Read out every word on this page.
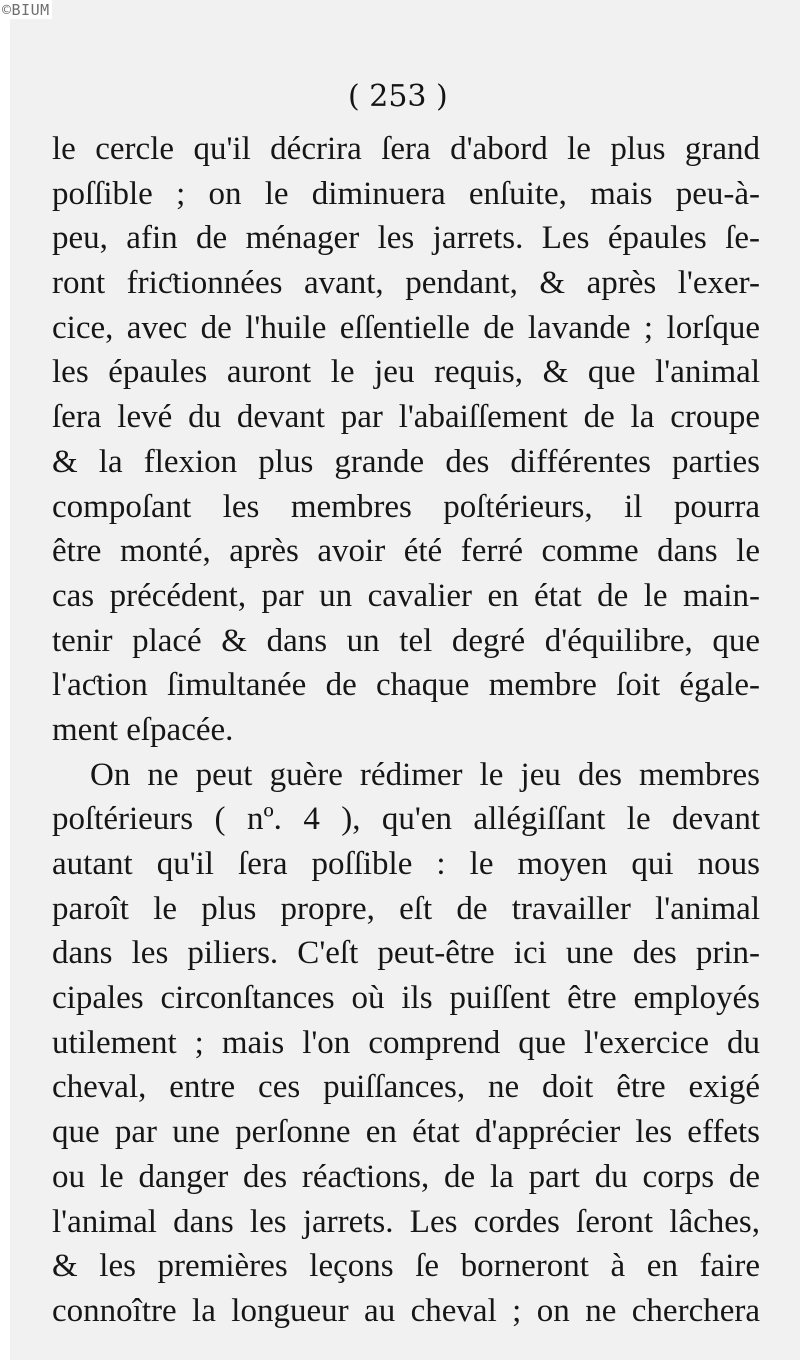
( 253 )
le cercle qu'il décrira ſera d'abord le plus grand
poſſible ; on le diminuera enſuite, mais peu-à-
peu, afin de ménager les jarrets. Les épaules ſe-
ront friƈtionnées avant, pendant, & après l'exer-
cice, avec de l'huile eſſentielle de lavande ; lorſque
les épaules auront le jeu requis, & que l'animal
ſera levé du devant par l'abaiſſement de la croupe
& la flexion plus grande des différentes parties
compoſant les membres poſtérieurs, il pourra
être monté, après avoir été ferré comme dans le
cas précédent, par un cavalier en état de le main-
tenir placé & dans un tel degré d'équilibre, que
l'aƈtion ſimultanée de chaque membre ſoit égale-
ment eſpacée.
On ne peut guère rédimer le jeu des membres
poſtérieurs ( nº. 4 ), qu'en allégiſſant le devant
autant qu'il ſera poſſible : le moyen qui nous
paroît le plus propre, eſt de travailler l'animal
dans les piliers. C'eſt peut-être ici une des prin-
cipales circonſtances où ils puiſſent être employés
utilement ; mais l'on comprend que l'exercice du
cheval, entre ces puiſſances, ne doit être exigé
que par une perſonne en état d'apprécier les effets
ou le danger des réaƈtions, de la part du corps de
l'animal dans les jarrets. Les cordes ſeront lâches,
& les premières leçons ſe borneront à en faire
connoître la longueur au cheval ; on ne cherchera
©BIUM
